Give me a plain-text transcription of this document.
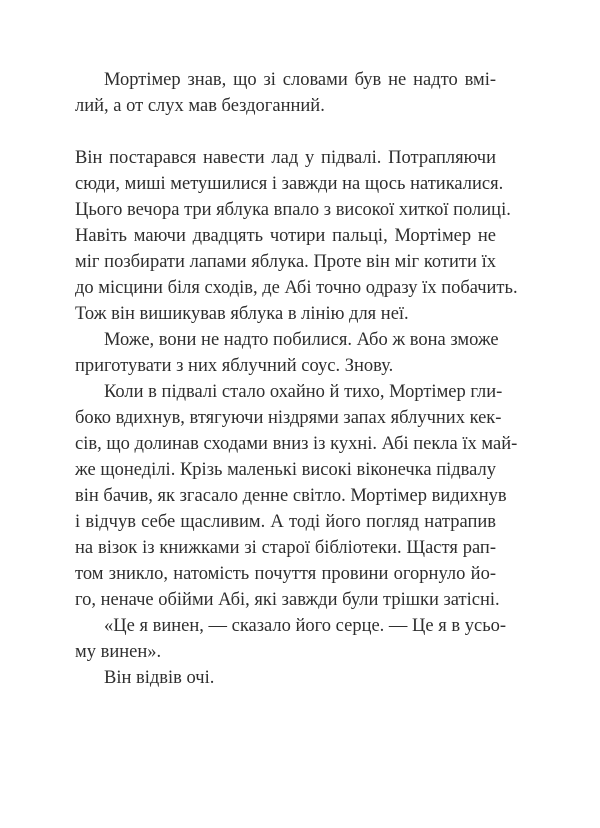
Мортімер знав, що зі словами був не надто вмі-
лий, а от слух мав бездоганний.
Він постарався навести лад у підвалі. Потрапляючи
сюди, миші метушилися і завжди на щось натикалися.
Цього вечора три яблука впало з високої хиткої полиці.
Навіть маючи двадцять чотири пальці, Мортімер не
міг позбирати лапами яблука. Проте він міг котити їх
до місцини біля сходів, де Абі точно одразу їх побачить.
Тож він вишикував яблука в лінію для неї.
Може, вони не надто побилися. Або ж вона зможе
приготувати з них яблучний соус. Знову.
Коли в підвалі стало охайно й тихо, Мортімер гли-
боко вдихнув, втягуючи ніздрями запах яблучних кек-
сів, що долинав сходами вниз із кухні. Абі пекла їх май-
же щонеділі. Крізь маленькі високі віконечка підвалу
він бачив, як згасало денне світло. Мортімер видихнув
і відчув себе щасливим. А тоді його погляд натрапив
на візок із книжками зі старої бібліотеки. Щастя рап-
том зникло, натомість почуття провини огорнуло йо-
го, неначе обійми Абі, які завжди були трішки затісні.
«Це я винен, — сказало його серце. — Це я в усьо-
му винен».
Він відвів очі.
